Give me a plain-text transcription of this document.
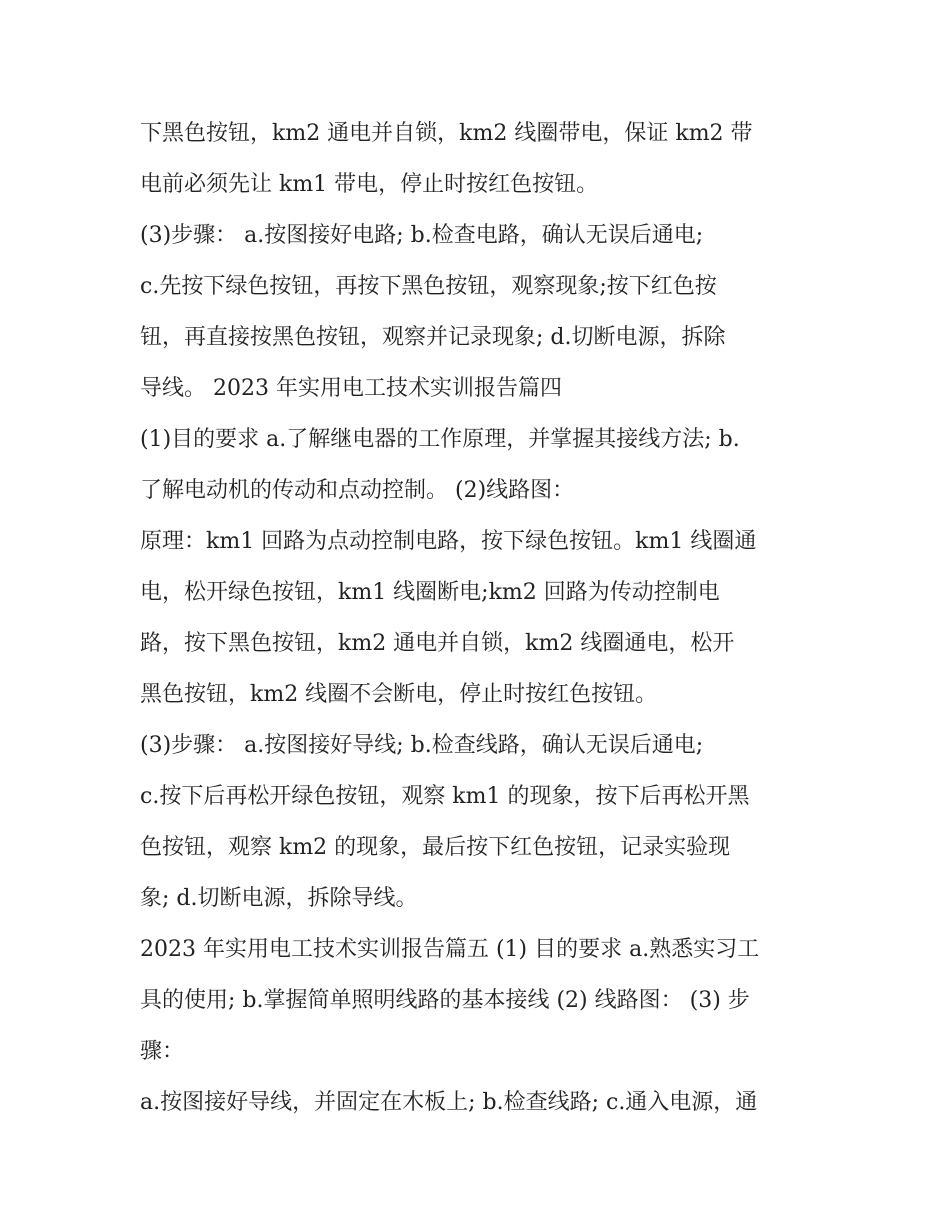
下黑色按钮，km2 通电并自锁，km2 线圈带电，保证 km2 带
电前必须先让 km1 带电，停止时按红色按钮。
(3)步骤： a.按图接好电路; b.检查电路，确认无误后通电;
c.先按下绿色按钮，再按下黑色按钮，观察现象;按下红色按
钮，再直接按黑色按钮，观察并记录现象; d.切断电源，拆除
导线。 2023 年实用电工技术实训报告篇四
(1)目的要求 a.了解继电器的工作原理，并掌握其接线方法; b.
了解电动机的传动和点动控制。 (2)线路图：
原理：km1 回路为点动控制电路，按下绿色按钮。km1 线圈通
电，松开绿色按钮，km1 线圈断电;km2 回路为传动控制电
路，按下黑色按钮，km2 通电并自锁，km2 线圈通电，松开
黑色按钮，km2 线圈不会断电，停止时按红色按钮。
(3)步骤： a.按图接好导线; b.检查线路，确认无误后通电;
c.按下后再松开绿色按钮，观察 km1 的现象，按下后再松开黑
色按钮，观察 km2 的现象，最后按下红色按钮，记录实验现
象; d.切断电源，拆除导线。
2023 年实用电工技术实训报告篇五 (1) 目的要求 a.熟悉实习工
具的使用; b.掌握简单照明线路的基本接线 (2) 线路图： (3) 步
骤：
a.按图接好导线，并固定在木板上; b.检查线路; c.通入电源，通
